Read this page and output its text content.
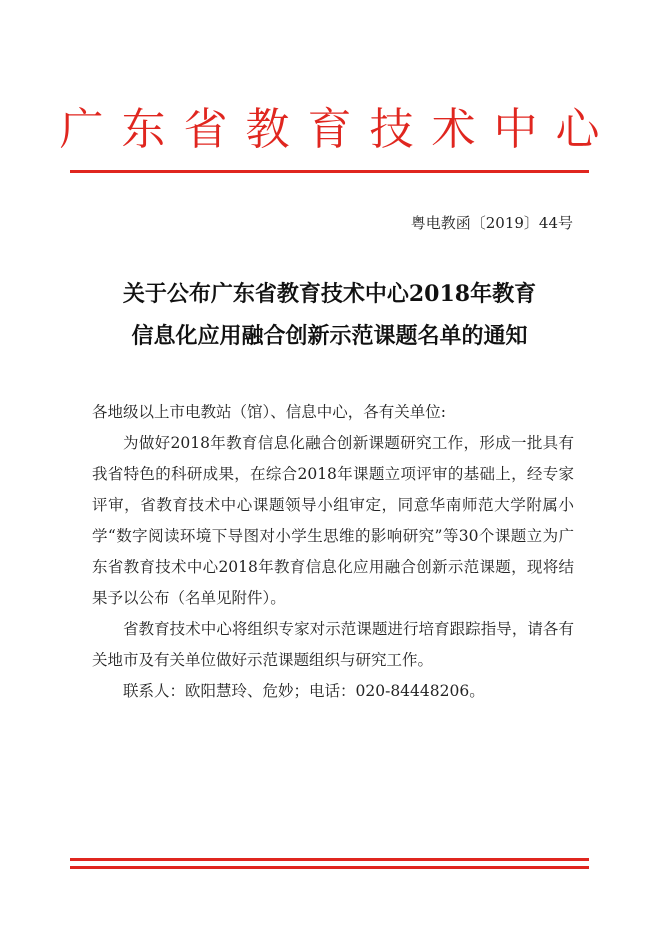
广东省教育技术中心
粤电教函〔2019〕44号
关于公布广东省教育技术中心2018年教育
信息化应用融合创新示范课题名单的通知

各地级以上市电教站（馆）、信息中心，各有关单位:

为做好2018年教育信息化融合创新课题研究工作，形成一批具有我省特色的科研成果，在综合2018年课题立项评审的基础上，经专家评审，省教育技术中心课题领导小组审定，同意华南师范大学附属小学“数字阅读环境下导图对小学生思维的影响研究”等30个课题立为广东省教育技术中心2018年教育信息化应用融合创新示范课题，现将结果予以公布（名单见附件）。

省教育技术中心将组织专家对示范课题进行培育跟踪指导，请各有关地市及有关单位做好示范课题组织与研究工作。

联系人：欧阳慧玲、危妙；电话：020-84448206。
